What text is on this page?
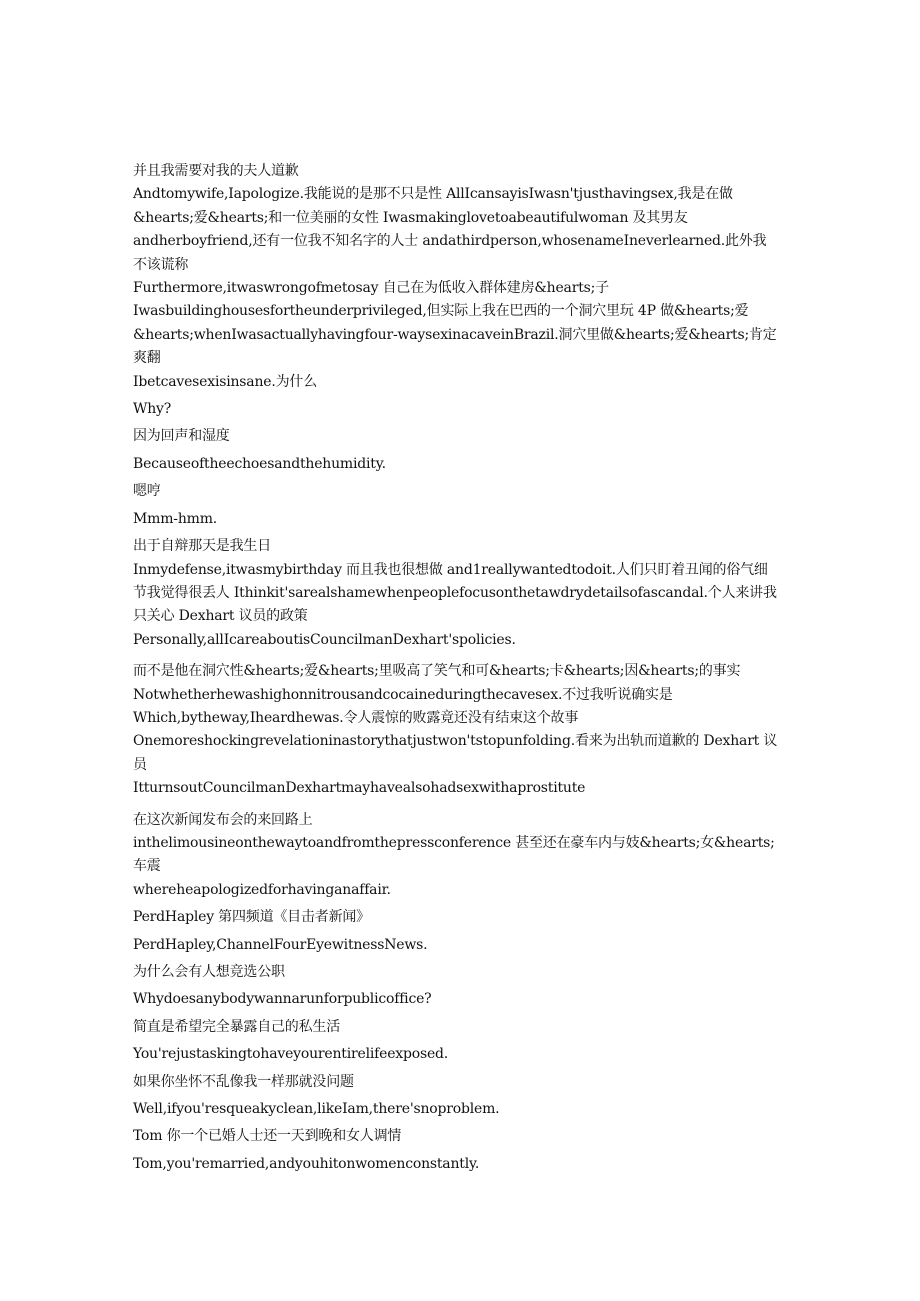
并且我需要对我的夫人道歉

Andtomywife,Iapologize.我能说的是那不只是性 AllIcansayisIwasn'tjusthavingsex,我是在做&hearts;爱&hearts;和一位美丽的女性 Iwasmakinglovetoabeautifulwoman 及其男友andherboyfriend,还有一位我不知名字的人士 andathirdperson,whosenameIneverlearned.此外我不该谎称

Furthermore,itwaswrongofmetosay 自己在为低收入群体建房&hearts;子Iwasbuildinghousesfortheunderprivileged,但实际上我在巴西的一个洞穴里玩 4P 做&hearts;爱&hearts;whenIwasactuallyhavingfour-waysexinacaveinBrazil.洞穴里做&hearts;爱&hearts;肯定爽翻

Ibetcavesexisinsane.为什么

Why?

因为回声和湿度

Becauseoftheechoesandthehumidity.

嗯哼

Mmm-hmm.

出于自辩那天是我生日

Inmydefense,itwasmybirthday 而且我也很想做 and1reallywantedtodoit.人们只盯着丑闻的俗气细节我觉得很丢人 Ithinkit'sarealshamewhenpeoplefocusonthetawdrydetailsofascandal.个人来讲我只关心 Dexhart 议员的政策

Personally,allIcareaboutisCouncilmanDexhart'spolicies.

而不是他在洞穴性&hearts;爱&hearts;里吸高了笑气和可&hearts;卡&hearts;因&hearts;的事实

Notwhetherhewashighonnitrousandcocaineduringthecavesex.不过我听说确实是

Which,bytheway,Iheardhewas.令人震惊的败露竟还没有结束这个故事

Onemoreshockingrevelationinastorythatjustwon'tstopunfolding.看来为出轨而道歉的 Dexhart 议员

ItturnsoutCouncilmanDexhartmayhavealsohadsexwithaprostitute

在这次新闻发布会的来回路上

inthelimousineonthewaytoandfromthepressconference 甚至还在豪车内与妓&hearts;女&hearts;车震

whereheapologizedforhavinganaffair.

PerdHapley 第四频道《目击者新闻》

PerdHapley,ChannelFourEyewitnessNews.

为什么会有人想竞选公职

Whydoesanybodywannarunforpublicoffice?

简直是希望完全暴露自己的私生活

You'rejustaskingtohaveyourentirelifeexposed.

如果你坐怀不乱像我一样那就没问题

Well,ifyou'resqueakyclean,likeIam,there'snoproblem.

Tom 你一个已婚人士还一天到晚和女人调情

Tom,you'remarried,andyouhitonwomenconstantly.
